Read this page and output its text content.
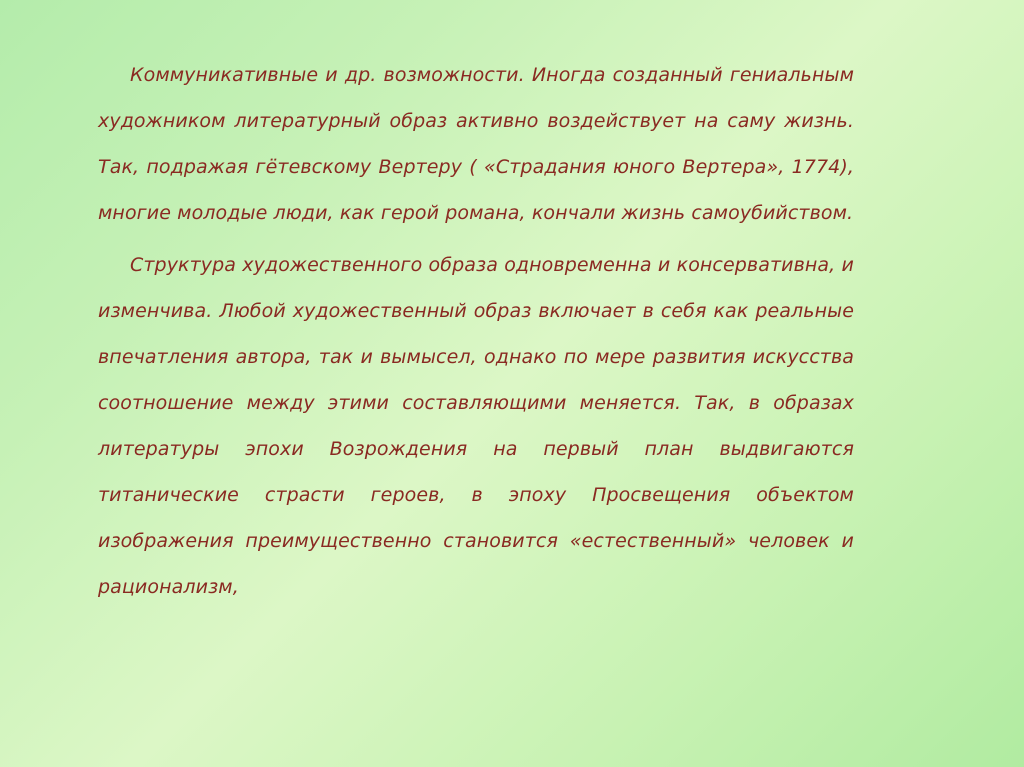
Коммуникативные и др. возможности. Иногда созданный гениальным художником литературный образ активно воздействует на саму жизнь. Так, подражая гётевскому Вертеру ( «Страдания юного Вертера», 1774), многие молодые люди, как герой романа, кончали жизнь самоубийством.

Структура художественного образа одновременна и консервативна, и изменчива. Любой художественный образ включает в себя как реальные впечатления автора, так и вымысел, однако по мере развития искусства соотношение между этими составляющими меняется. Так, в образах литературы эпохи Возрождения на первый план выдвигаются титанические страсти героев, в эпоху Просвещения объектом изображения преимущественно становится «естественный» человек и рационализм,
